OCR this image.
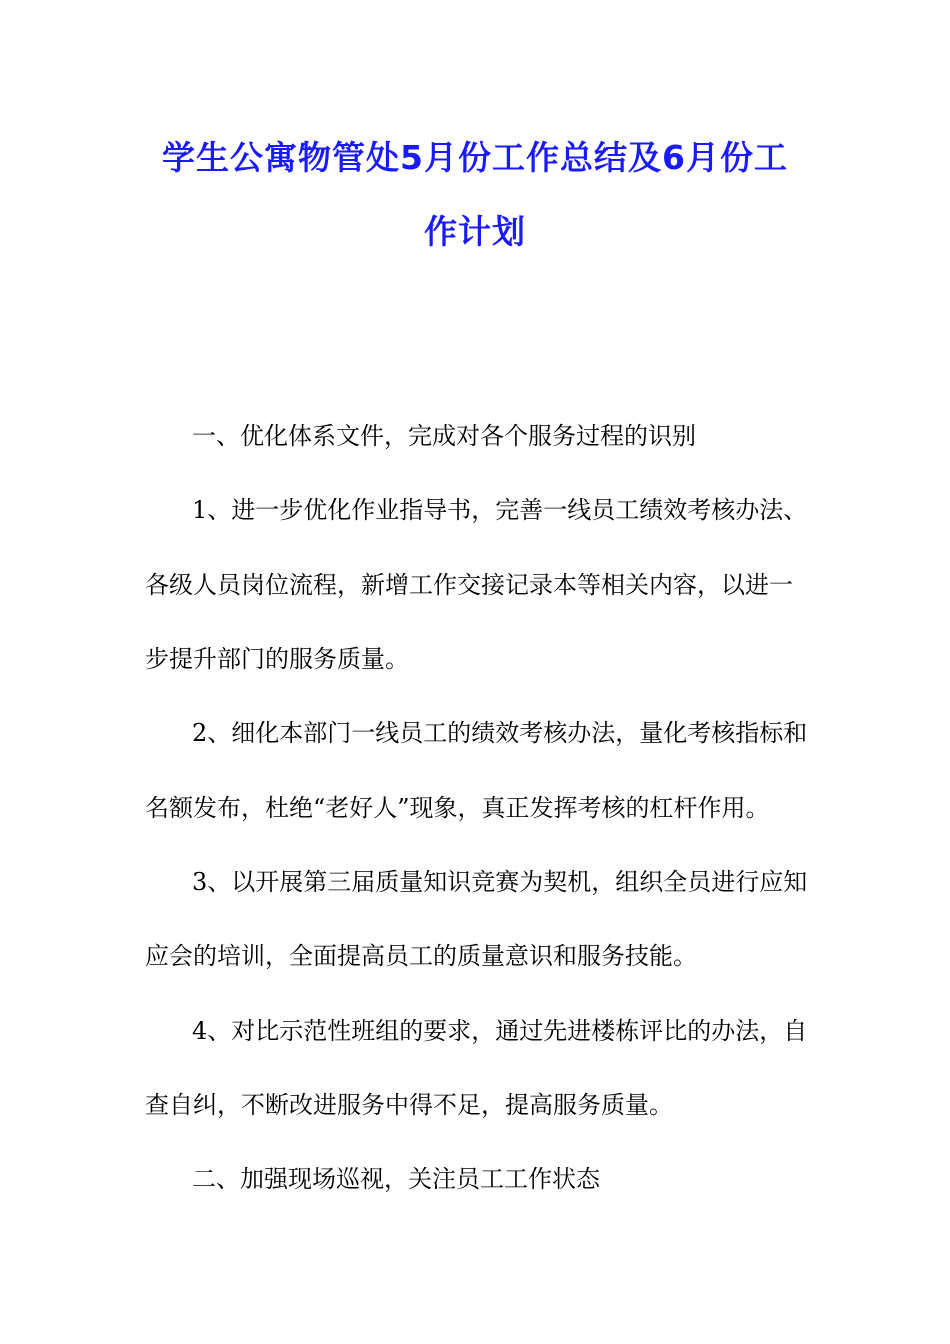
学生公寓物管处5月份工作总结及6月份工
作计划

一、优化体系文件，完成对各个服务过程的识别

1、进一步优化作业指导书，完善一线员工绩效考核办法、

各级人员岗位流程，新增工作交接记录本等相关内容，以进一

步提升部门的服务质量。

2、细化本部门一线员工的绩效考核办法，量化考核指标和

名额发布，杜绝“老好人”现象，真正发挥考核的杠杆作用。

3、以开展第三届质量知识竞赛为契机，组织全员进行应知

应会的培训，全面提高员工的质量意识和服务技能。

4、对比示范性班组的要求，通过先进楼栋评比的办法，自

查自纠，不断改进服务中得不足，提高服务质量。

二、加强现场巡视，关注员工工作状态
